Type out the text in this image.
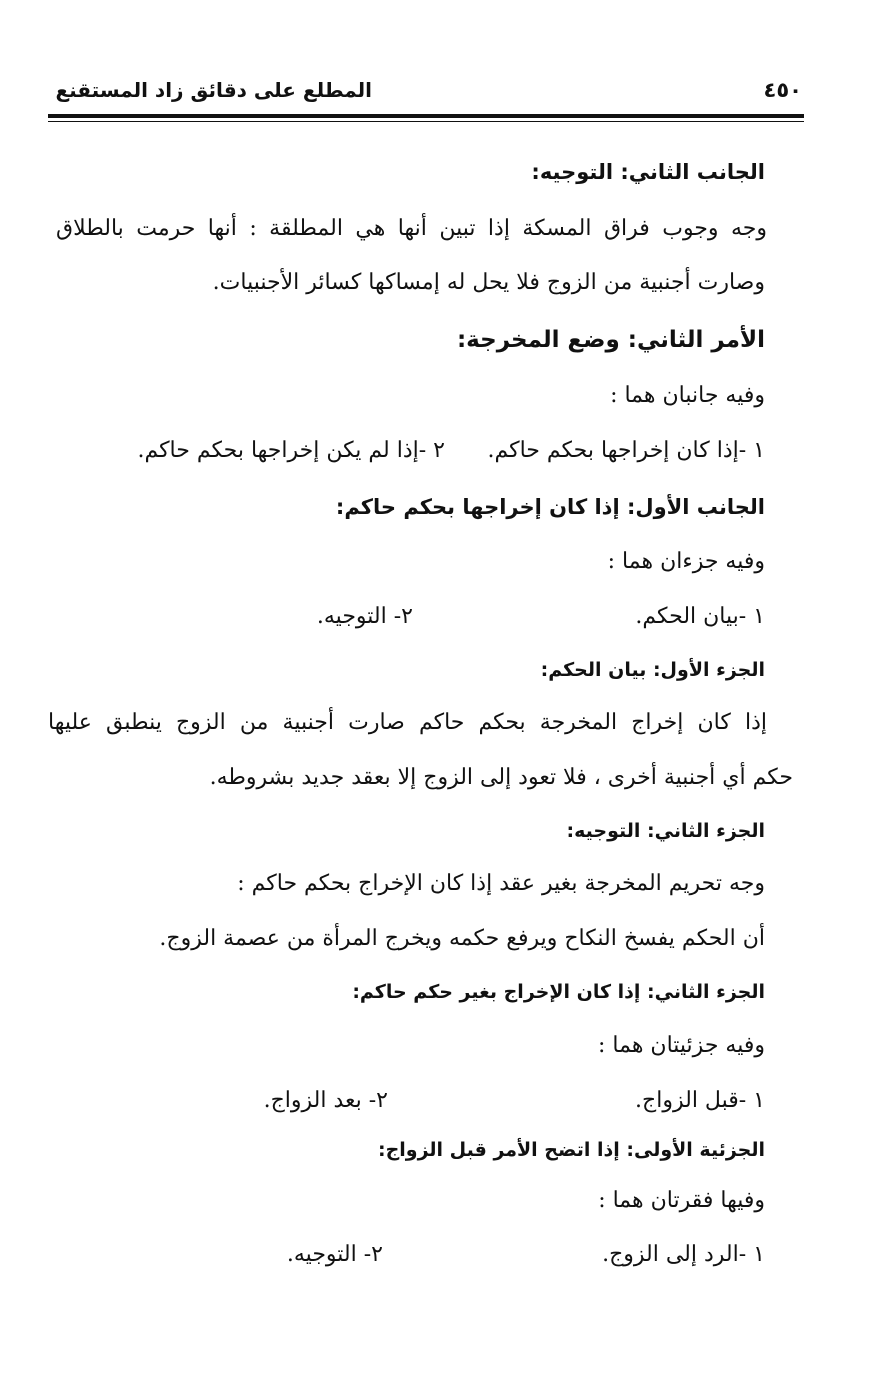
٤٥٠
المطلع على دقائق زاد المستقنع
الجانب الثاني: التوجيه:
وجه وجوب فراق المسكة إذا تبين أنها هي المطلقة : أنها حرمت بالطلاق
وصارت أجنبية من الزوج فلا يحل له إمساكها كسائر الأجنبيات.
الأمر الثاني: وضع المخرجة:
وفيه جانبان هما :
١ -إذا كان إخراجها بحكم حاكم.٢ -إذا لم يكن إخراجها بحكم حاكم.
الجانب الأول: إذا كان إخراجها بحكم حاكم:
وفيه جزءان هما :
١ -بيان الحكم.٢- التوجيه.
الجزء الأول: بيان الحكم:
إذا كان إخراج المخرجة بحكم حاكم صارت أجنبية من الزوج ينطبق عليها
حكم أي أجنبية أخرى ، فلا تعود إلى الزوج إلا بعقد جديد بشروطه.
الجزء الثاني: التوجيه:
وجه تحريم المخرجة بغير عقد إذا كان الإخراج بحكم حاكم :
أن الحكم يفسخ النكاح ويرفع حكمه ويخرج المرأة من عصمة الزوج.
الجزء الثاني: إذا كان الإخراج بغير حكم حاكم:
وفيه جزئيتان هما :
١ -قبل الزواج.٢- بعد الزواج.
الجزئية الأولى: إذا اتضح الأمر قبل الزواج:
وفيها فقرتان هما :
١ -الرد إلى الزوج.٢- التوجيه.
